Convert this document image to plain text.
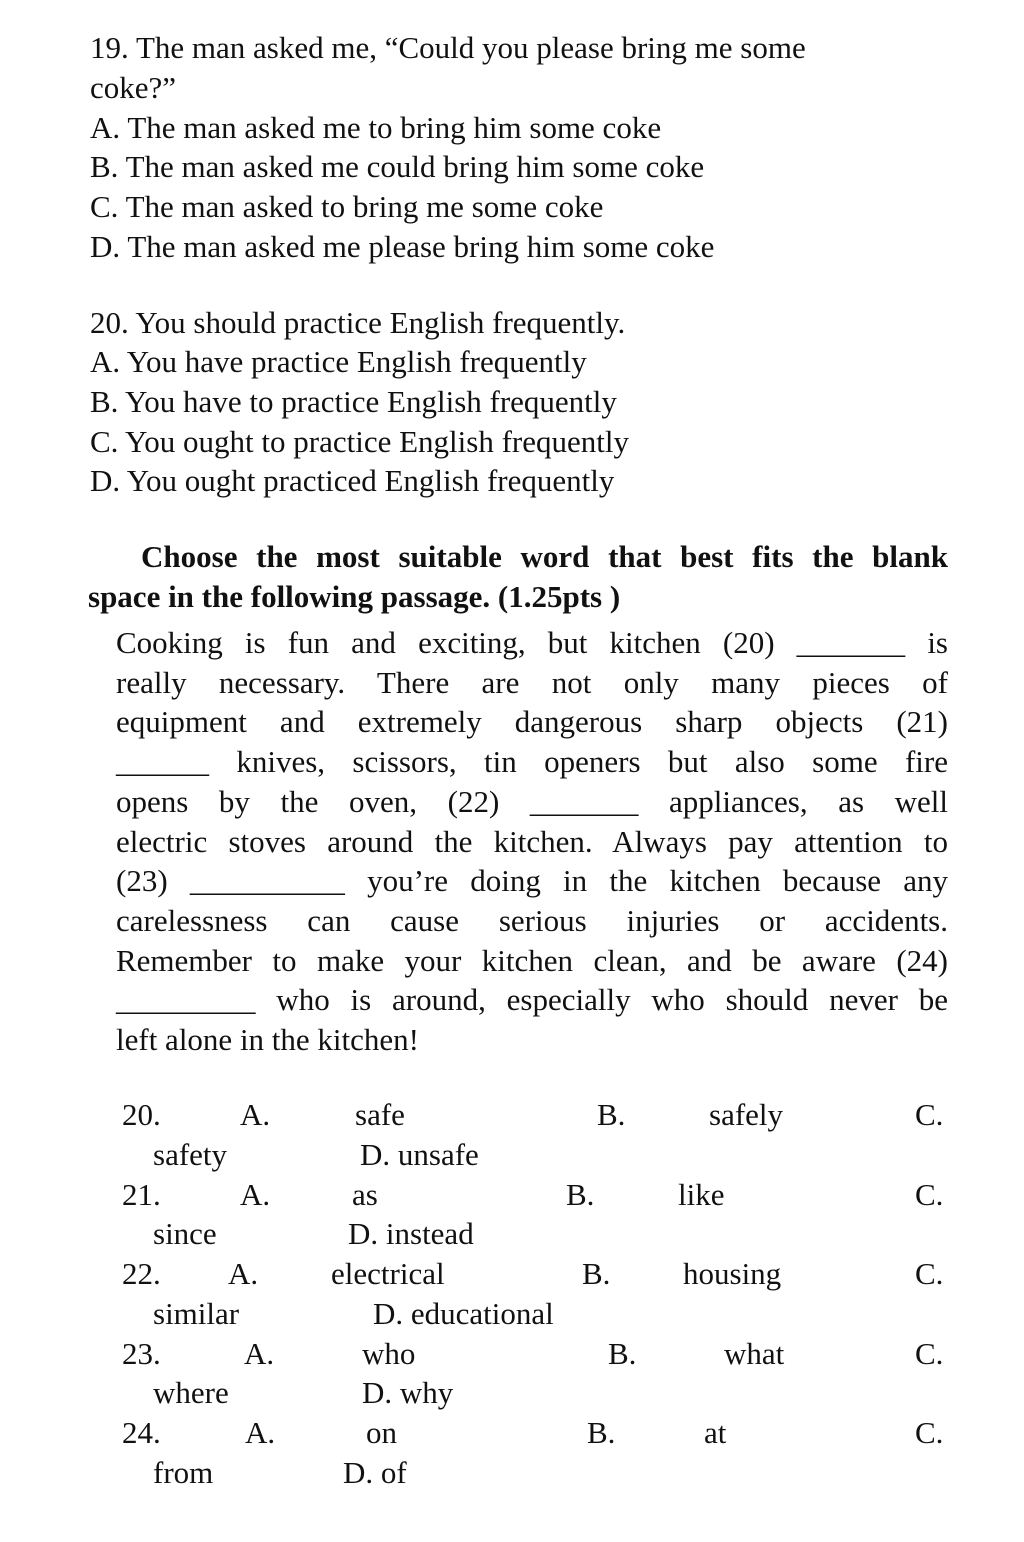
19. The man asked me, “Could you please bring me some
coke?”
A. The man asked me to bring him some coke
B. The man asked me could bring him some coke
C. The man asked to bring me some coke
D. The man asked me please bring him some coke
20. You should practice English frequently.
A. You have practice English frequently
B. You have to practice English frequently
C. You ought to practice English frequently
D. You ought practiced English frequently
Choose the most suitable word that best fits the blank
space in the following passage. (1.25pts )

Cooking is fun and exciting, but kitchen (20) _______ is

really necessary. There are not only many pieces of

equipment and extremely dangerous sharp objects (21)

______ knives, scissors, tin openers but also some fire

opens by the oven, (22) _______ appliances, as well

electric stoves around the kitchen. Always pay attention to

(23) __________ you’re doing in the kitchen because any

carelessness can cause serious injuries or accidents.

Remember to make your kitchen clean, and be aware (24)

_________ who is around, especially who should never be

left alone in the kitchen!

20.	A.	safe	B.	safely	C.
safety	D. unsafe
21.	A.	as	B.	like	C.
since	D. instead
22. A. electrical	B. housing	C.
similar	D. educational
23.	A.	who	B.	what	C.
where	D. why
24.	A.	on	B.	at	C.
from	D. of
